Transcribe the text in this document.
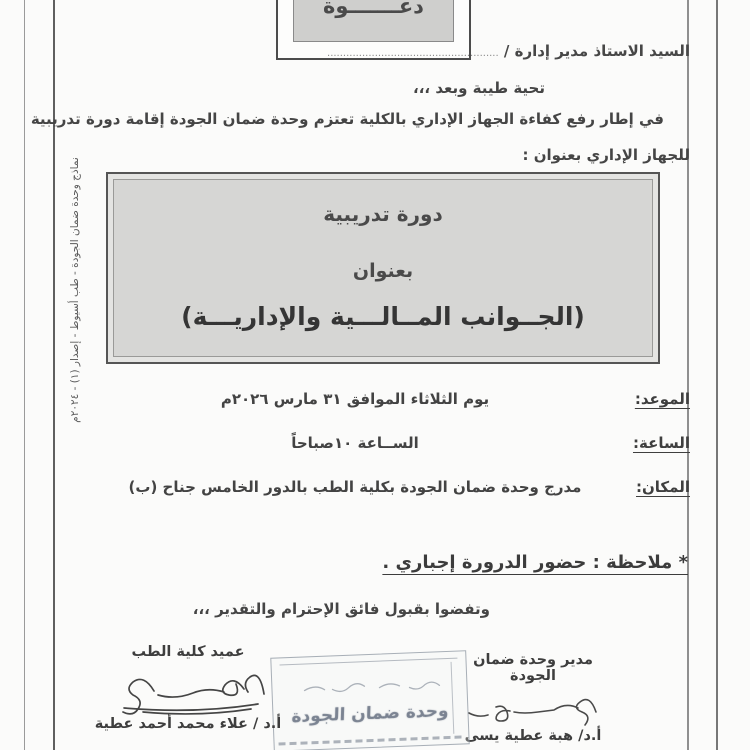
نماذج وحدة ضمان الجودة - طب أسيوط - إصدار (١) - ٢٠٢٤م
دعـــــــوة
السيد الاستاذ مدير إدارة / ......................................................
تحية طيبة وبعد ،،،
في إطار رفع كفاءة الجهاز الإداري بالكلية تعتزم وحدة ضمان الجودة إقامة دورة تدريبية
للجهاز الإداري بعنوان :
دورة تدريبية
بعنوان
(الجــوانب المــالـــية والإداريـــة)
الموعد:
يوم الثلاثاء الموافق ٣١ مارس ٢٠٢٦م
الساعة:
الســاعة ١٠صباحاً
المكان:
مدرج وحدة ضمان الجودة بكلية الطب بالدور الخامس جناح (ب)
* ملاحظة : حضور الدرورة إجباري .
وتفضوا بقبول فائق الإحترام والتقدير ،،،
مدير وحدة ضمان الجودة
أ.د/ هبة عطية يسى
وحدة ضمان الجودة
عميد كلية الطب
أ.د / علاء محمد أحمد عطية
